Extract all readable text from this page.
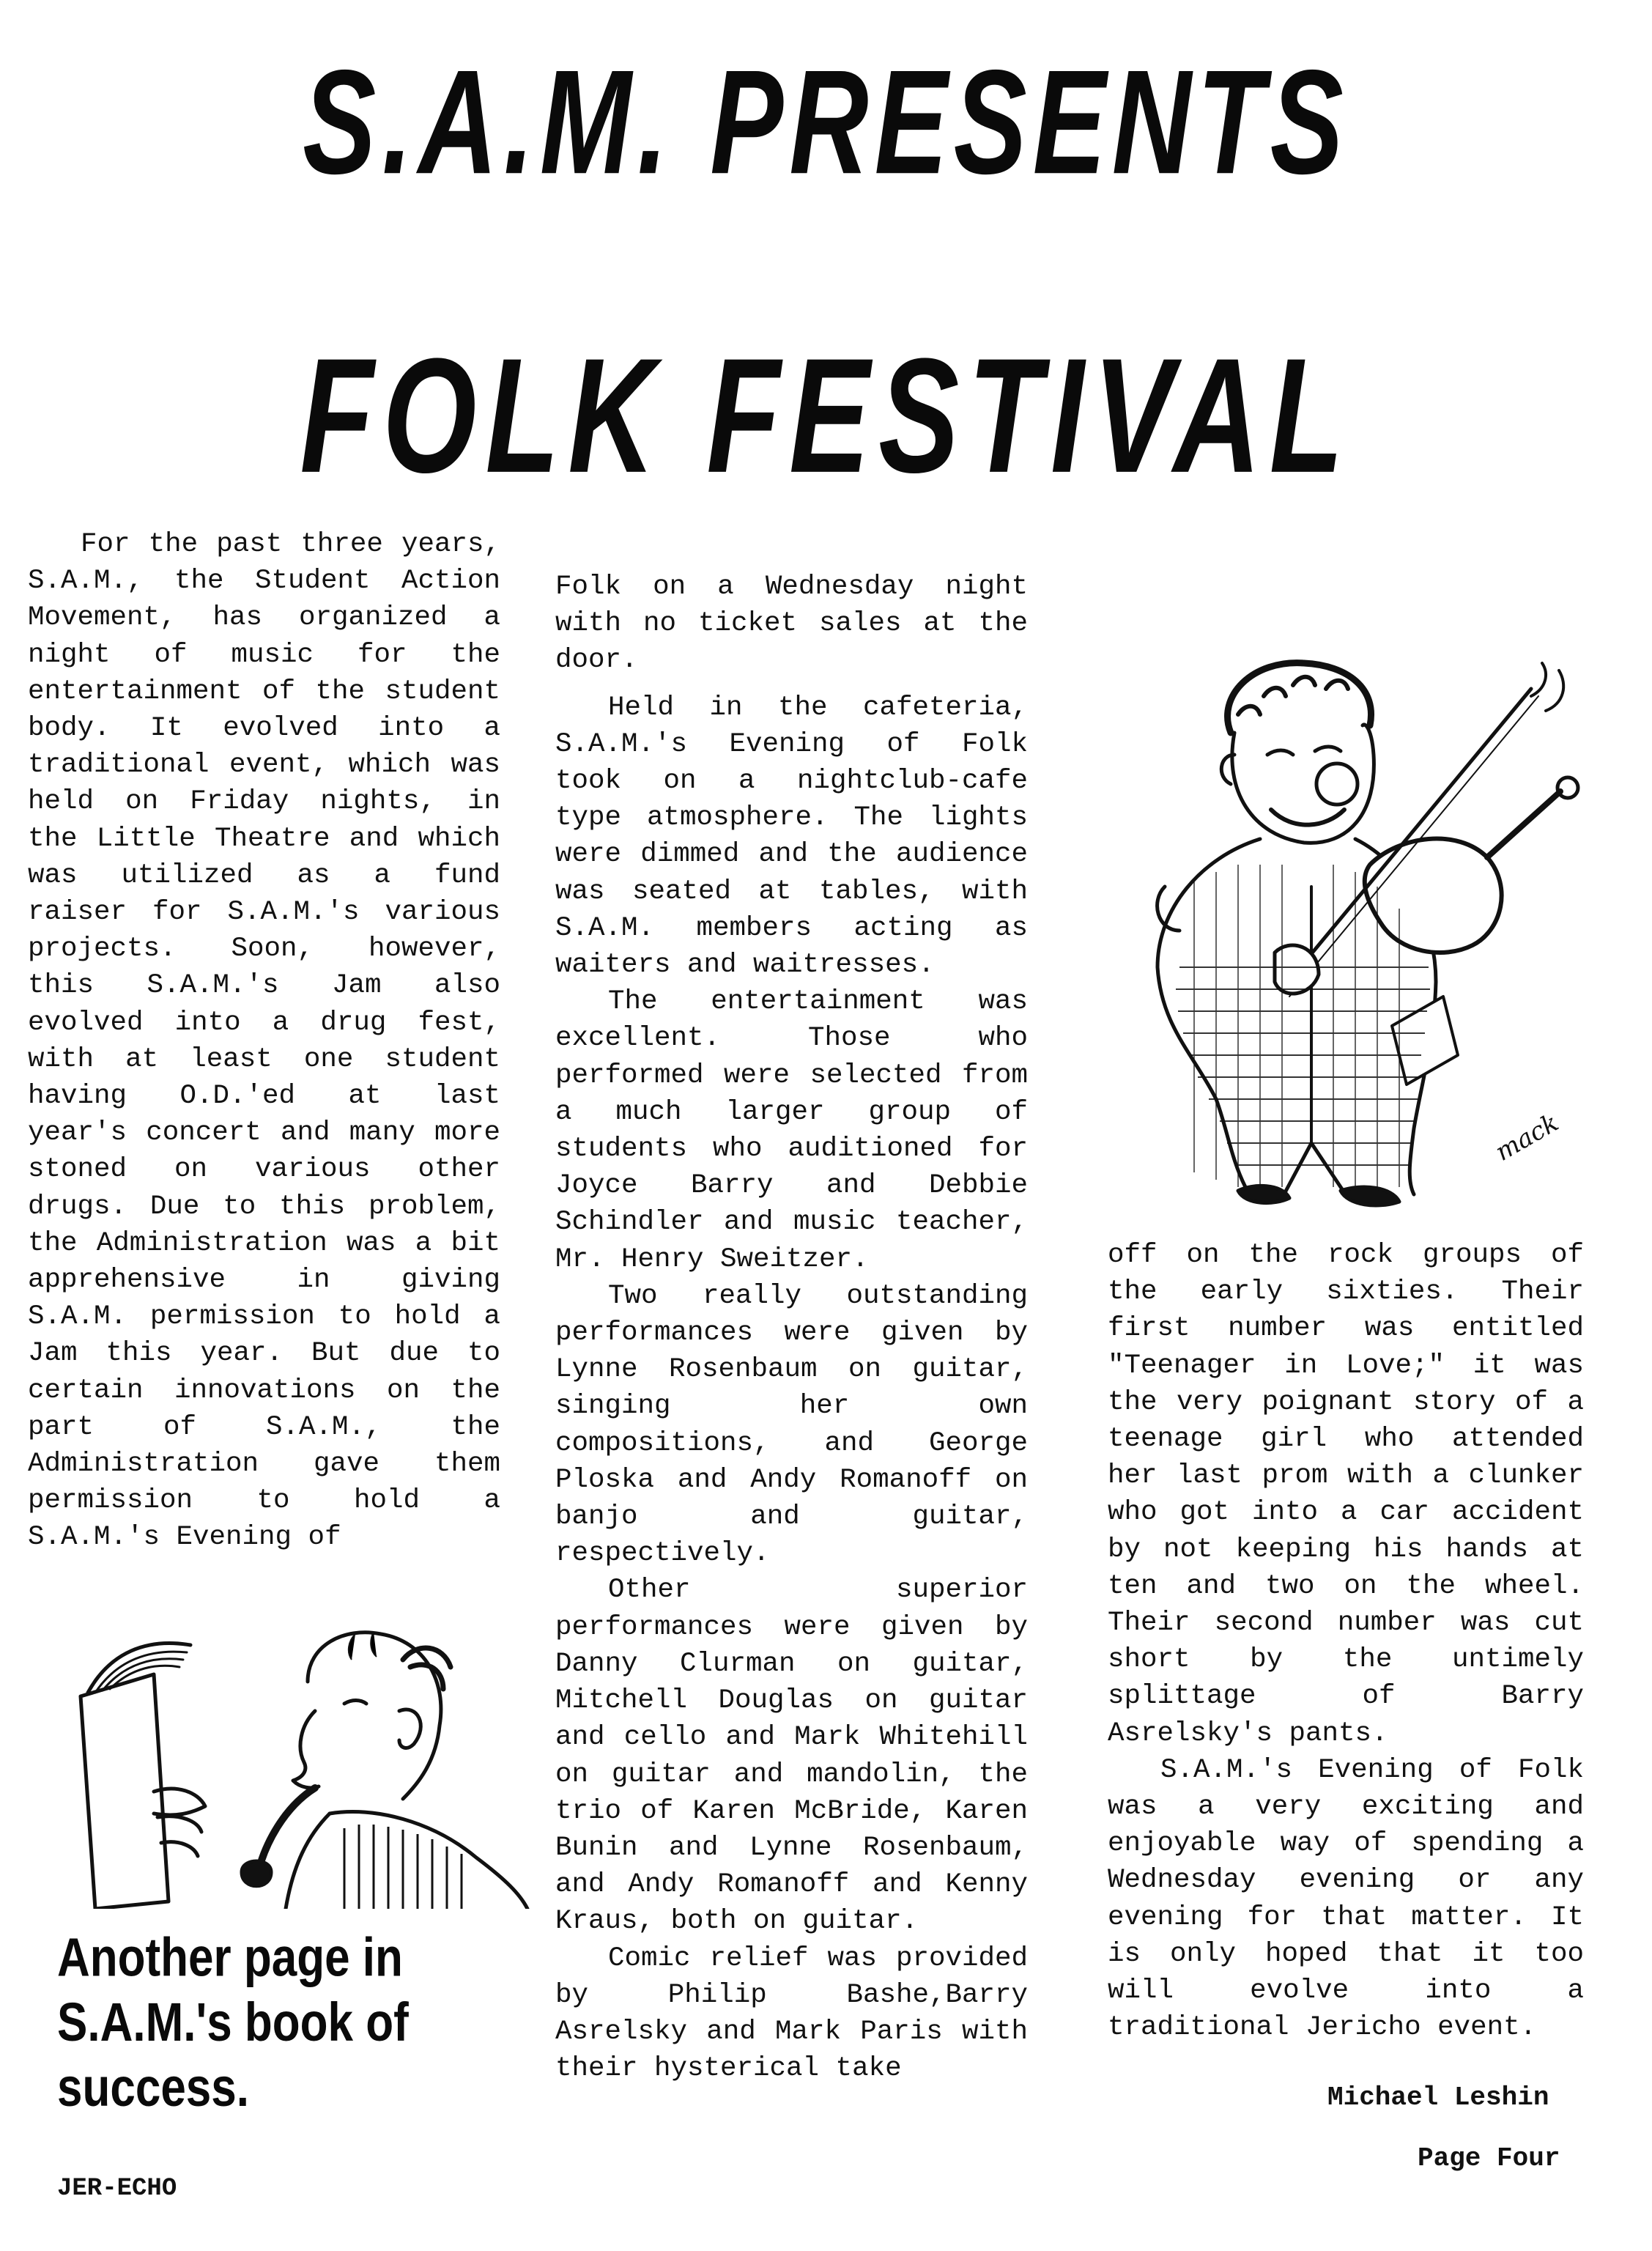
S.A.M. PRESENTS
FOLK FESTIVAL

For the past three years, S.A.M., the Student Action Movement, has organized a night of music for the entertainment of the student body. It evolved into a traditional event, which was held on Friday nights, in the Little Theatre and which was utilized as a fund raiser for S.A.M.'s various projects. Soon, however, this S.A.M.'s Jam also evolved into a drug fest, with at least one student having O.D.'ed at last year's concert and many more stoned on various other drugs. Due to this problem, the Administration was a bit apprehensive in giving S.A.M. permission to hold a Jam this year. But due to certain innovations on the part of S.A.M., the Administration gave them permission to hold a S.A.M.'s Evening of

Folk on a Wednesday night with no ticket sales at the door.

Held in the cafeteria, S.A.M.'s Evening of Folk took on a nightclub-cafe type atmosphere. The lights were dimmed and the audience was seated at tables, with S.A.M. members acting as waiters and waitresses.

The entertainment was excellent. Those who performed were selected from a much larger group of students who auditioned for Joyce Barry and Debbie Schindler and music teacher, Mr. Henry Sweitzer.

Two really outstanding performances were given by Lynne Rosenbaum on guitar, singing her own compositions, and George Ploska and Andy Romanoff on banjo and guitar, respectively.

Other superior performances were given by Danny Clurman on guitar, Mitchell Douglas on guitar and cello and Mark Whitehill on guitar and mandolin, the trio of Karen McBride, Karen Bunin and Lynne Rosenbaum, and Andy Romanoff and Kenny Kraus, both on guitar.

Comic relief was provided by Philip Bashe,Barry Asrelsky and Mark Paris with their hysterical take

off on the rock groups of the early sixties. Their first number was entitled "Teenager in Love;" it was the very poignant story of a teenage girl who attended her last prom with a clunker who got into a car accident by not keeping his hands at ten and two on the wheel. Their second number was cut short by the untimely splittage of Barry Asrelsky's pants.

S.A.M.'s Evening of Folk was a very exciting and enjoyable way of spending a Wednesday evening or any evening for that matter. It is only hoped that it too will evolve into a traditional Jericho event.

mack
Another page in S.A.M.'s book of success.	Michael Leshin
Page Four
JER-ECHO
